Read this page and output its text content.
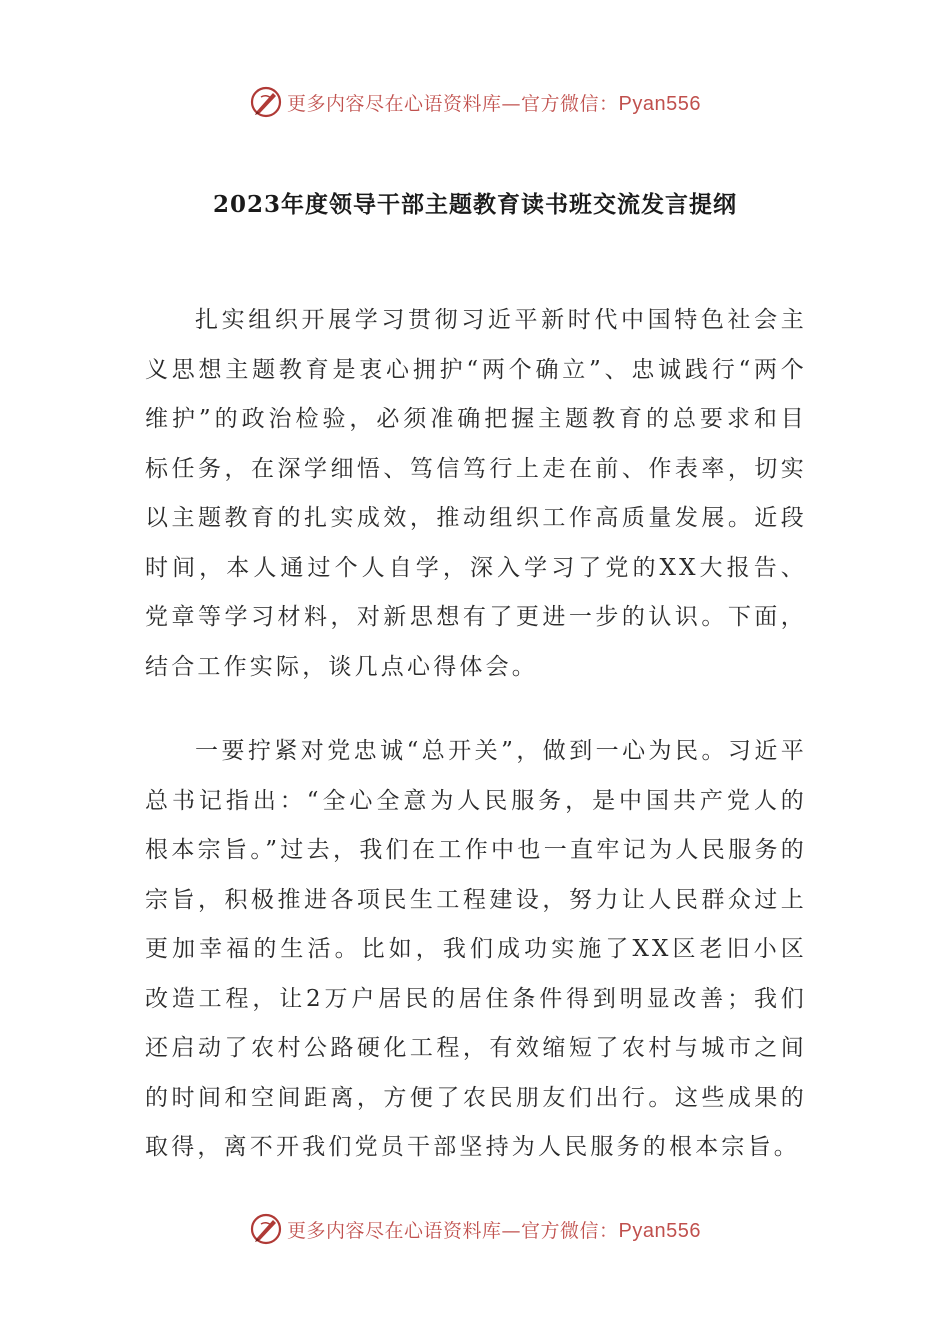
更多内容尽在心语资料库—官方微信：Pyan556
2023年度领导干部主题教育读书班交流发言提纲

扎实组织开展学习贯彻习近平新时代中国特色社会主义思想主题教育是衷心拥护“两个确立”、忠诚践行“两个维护”的政治检验，必须准确把握主题教育的总要求和目标任务，在深学细悟、笃信笃行上走在前、作表率，切实以主题教育的扎实成效，推动组织工作高质量发展。近段时间，本人通过个人自学，深入学习了党的XX大报告、党章等学习材料，对新思想有了更进一步的认识。下面，结合工作实际，谈几点心得体会。

一要拧紧对党忠诚“总开关”，做到一心为民。习近平总书记指出：“全心全意为人民服务，是中国共产党人的根本宗旨。”过去，我们在工作中也一直牢记为人民服务的宗旨，积极推进各项民生工程建设，努力让人民群众过上更加幸福的生活。比如，我们成功实施了XX区老旧小区改造工程，让2万户居民的居住条件得到明显改善；我们还启动了农村公路硬化工程，有效缩短了农村与城市之间的时间和空间距离，方便了农民朋友们出行。这些成果的取得，离不开我们党员干部坚持为人民服务的根本宗旨。

更多内容尽在心语资料库—官方微信：Pyan556
